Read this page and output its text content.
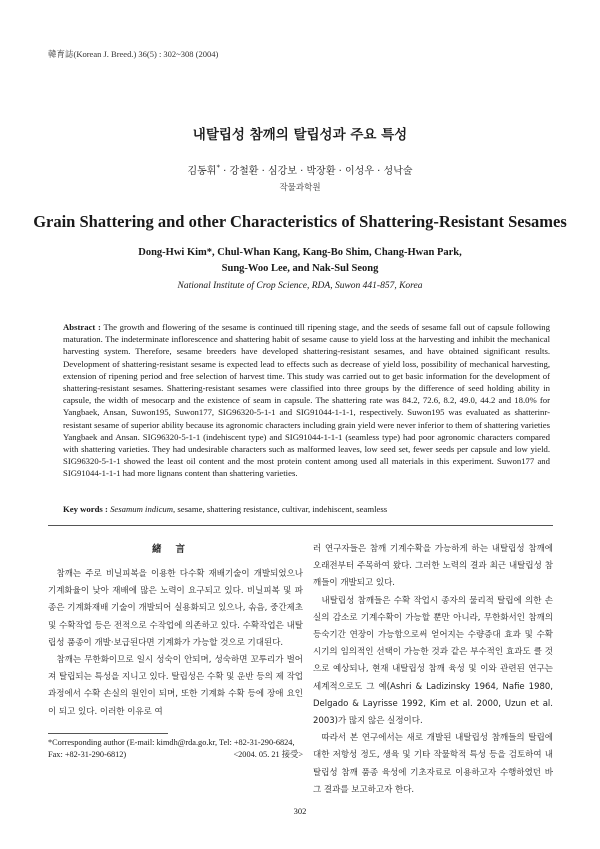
韓育誌(Korean J. Breed.) 36(5) : 302~308 (2004)
내탈립성 참깨의 탈립성과 주요 특성
김동휘* · 강철환 · 심강보 · 박장환 · 이성우 · 성낙술
작물과학원
Grain Shattering and other Characteristics of Shattering-Resistant Sesames
Dong-Hwi Kim*, Chul-Whan Kang, Kang-Bo Shim, Chang-Hwan Park,
Sung-Woo Lee, and Nak-Sul Seong
National Institute of Crop Science, RDA, Suwon 441-857, Korea
Abstract : The growth and flowering of the sesame is continued till ripening stage, and the seeds of sesame fall out of capsule following maturation. The indeterminate inflorescence and shattering habit of sesame cause to yield loss at the harvesting and inhibit the mechanical harvesting system. Therefore, sesame breeders have developed shattering-resistant sesames, and have obtained significant results. Development of shattering-resistant sesame is expected lead to effects such as decrease of yield loss, possibility of mechanical harvesting, extension of ripening period and free selection of harvest time. This study was carried out to get basic information for the development of shattering-resistant sesames. Shattering-resistant sesames were classified into three groups by the difference of seed holding ability in capsule, the width of mesocarp and the existence of seam in capsule. The shattering rate was 84.2, 72.6, 8.2, 49.0, 44.2 and 18.0% for Yangbaek, Ansan, Suwon195, Suwon177, SIG96320-5-1-1 and SIG91044-1-1-1, respectively. Suwon195 was evaluated as shatterinr-resistant sesame of superior ability because its agronomic characters including grain yield were never inferior to them of shattering varieties Yangbaek and Ansan. SIG96320-5-1-1 (indehiscent type) and SIG91044-1-1-1 (seamless type) had poor agronomic characters compared with shattering varieties. They had undesirable characters such as malformed leaves, low seed set, fewer seeds per capsule and low yield. SIG96320-5-1-1 showed the least oil content and the most protein content among used all materials in this experiment. Suwon177 and SIG91044-1-1-1 had more lignans content than shattering varieties.
Key words : Sesamum indicum, sesame, shattering resistance, cultivar, indehiscent, seamless
緒言

참깨는 주로 비닐피복을 이용한 다수확 재배기술이 개발되었으나 기계화율이 낮아 재배에 많은 노력이 요구되고 있다. 비닐피복 및 파종은 기계화재배 기술이 개발되어 실용화되고 있으나, 솎음, 중간제초 및 수확작업 등은 전적으로 수작업에 의존하고 있다. 수확작업은 내탈립성 품종이 개발·보급된다면 기계화가 가능할 것으로 기대된다.

참깨는 무한화이므로 일시 성숙이 안되며, 성숙하면 꼬투리가 벌어져 탈립되는 특성을 지니고 있다. 탈립성은 수확 및 운반 등의 제 작업과정에서 수확 손실의 원인이 되며, 또한 기계화 수확 등에 장애 요인이 되고 있다. 이러한 이유로 여

러 연구자들은 참깨 기계수확을 가능하게 하는 내탈립성 참깨에 오래전부터 주목하여 왔다. 그러한 노력의 결과 최근 내탈립성 참깨들이 개발되고 있다.

내탈립성 참깨들은 수확 작업시 종자의 물리적 탈립에 의한 손실의 감소로 기계수확이 가능할 뿐만 아니라, 무한화서인 참깨의 등숙기간 연장이 가능함으로써 얻어지는 수량증대 효과 및 수확시기의 임의적인 선택이 가능한 것과 같은 부수적인 효과도 클 것으로 예상되나, 현재 내탈립성 참깨 육성 및 이와 관련된 연구는 세계적으로도 그 예(Ashri & Ladizinsky 1964, Nafie 1980, Delgado & Layrisse 1992, Kim et al. 2000, Uzun et al. 2003)가 많지 않은 실정이다.

따라서 본 연구에서는 새로 개발된 내탈립성 참깨들의 탈립에 대한 저항성 정도, 생육 및 기타 작물학적 특성 등을 검토하여 내탈립성 참깨 품종 육성에 기초자료로 이용하고자 수행하였던 바 그 결과를 보고하고자 한다.

*Corresponding author (E-mail: kimdh@rda.go.kr, Tel: +82-31-290-6824, Fax: +82-31-290-6812)	<2004. 05. 21 接受>
302
